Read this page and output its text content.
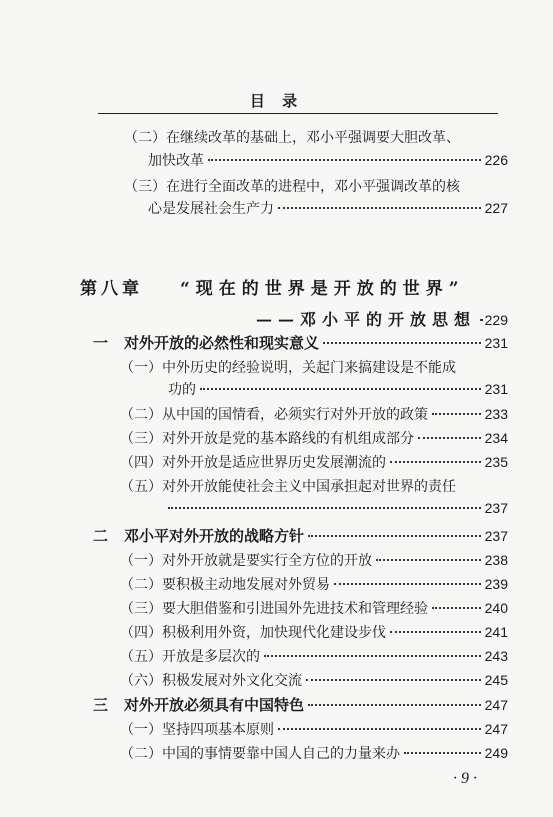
目 录
（二）在继续改革的基础上，邓小平强调要大胆改革、
加快改革	226
（三）在进行全面改革的进程中，邓小平强调改革的核
心是发展社会生产力	227
第八章 “现在的世界是开放的世界”
——邓小平的开放思想 229
一 对外开放的必然性和现实意义	231
（一）中外历史的经验说明，关起门来搞建设是不能成
功的	231
（二）从中国的国情看，必须实行对外开放的政策	233
（三）对外开放是党的基本路线的有机组成部分	234
（四）对外开放是适应世界历史发展潮流的	235
（五）对外开放能使社会主义中国承担起对世界的责任
237
二 邓小平对外开放的战略方针	237
（一）对外开放就是要实行全方位的开放	238
（二）要积极主动地发展对外贸易	239
（三）要大胆借鉴和引进国外先进技术和管理经验	240
（四）积极利用外资，加快现代化建设步伐	241
（五）开放是多层次的	243
（六）积极发展对外文化交流	245
三 对外开放必须具有中国特色	247
（一）坚持四项基本原则	247
（二）中国的事情要靠中国人自己的力量来办	249
· 9 ·
